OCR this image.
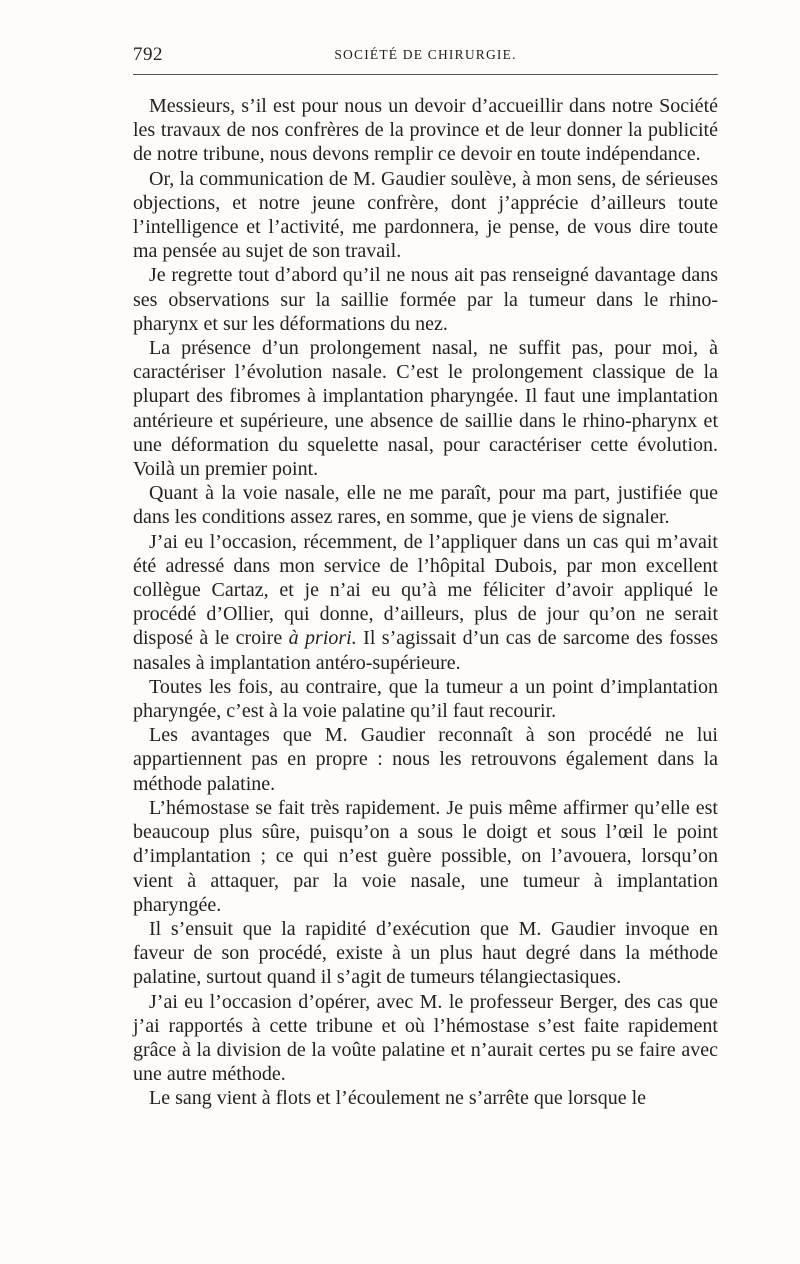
792	SOCIÉTÉ DE CHIRURGIE.

Messieurs, s’il est pour nous un devoir d’accueillir dans notre Société les travaux de nos confrères de la province et de leur donner la publicité de notre tribune, nous devons remplir ce devoir en toute indépendance.

Or, la communication de M. Gaudier soulève, à mon sens, de sérieuses objections, et notre jeune confrère, dont j’apprécie d’ailleurs toute l’intelligence et l’activité, me pardonnera, je pense, de vous dire toute ma pensée au sujet de son travail.

Je regrette tout d’abord qu’il ne nous ait pas renseigné davantage dans ses observations sur la saillie formée par la tumeur dans le rhino-pharynx et sur les déformations du nez.

La présence d’un prolongement nasal, ne suffit pas, pour moi, à caractériser l’évolution nasale. C’est le prolongement classique de la plupart des fibromes à implantation pharyngée. Il faut une implantation antérieure et supérieure, une absence de saillie dans le rhino-pharynx et une déformation du squelette nasal, pour caractériser cette évolution. Voilà un premier point.

Quant à la voie nasale, elle ne me paraît, pour ma part, justifiée que dans les conditions assez rares, en somme, que je viens de signaler.

J’ai eu l’occasion, récemment, de l’appliquer dans un cas qui m’avait été adressé dans mon service de l’hôpital Dubois, par mon excellent collègue Cartaz, et je n’ai eu qu’à me féliciter d’avoir appliqué le procédé d’Ollier, qui donne, d’ailleurs, plus de jour qu’on ne serait disposé à le croire à priori. Il s’agissait d’un cas de sarcome des fosses nasales à implantation antéro-supérieure.

Toutes les fois, au contraire, que la tumeur a un point d’implantation pharyngée, c’est à la voie palatine qu’il faut recourir.

Les avantages que M. Gaudier reconnaît à son procédé ne lui appartiennent pas en propre : nous les retrouvons également dans la méthode palatine.

L’hémostase se fait très rapidement. Je puis même affirmer qu’elle est beaucoup plus sûre, puisqu’on a sous le doigt et sous l’œil le point d’implantation ; ce qui n’est guère possible, on l’avouera, lorsqu’on vient à attaquer, par la voie nasale, une tumeur à implantation pharyngée.

Il s’ensuit que la rapidité d’exécution que M. Gaudier invoque en faveur de son procédé, existe à un plus haut degré dans la méthode palatine, surtout quand il s’agit de tumeurs télangiectasiques.

J’ai eu l’occasion d’opérer, avec M. le professeur Berger, des cas que j’ai rapportés à cette tribune et où l’hémostase s’est faite rapidement grâce à la division de la voûte palatine et n’aurait certes pu se faire avec une autre méthode.

Le sang vient à flots et l’écoulement ne s’arrête que lorsque le
